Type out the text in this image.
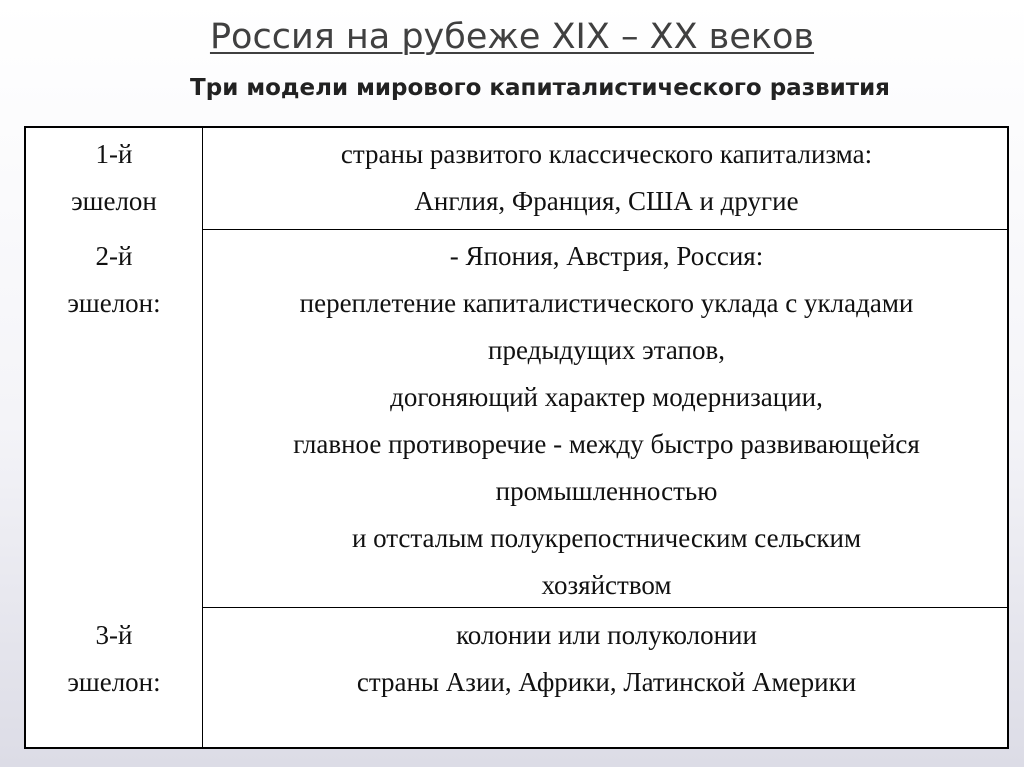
Россия на рубеже XIX – XX веков
Три модели мирового капиталистического развития
1-й
эшелон
страны развитого классического капитализма:
Англия, Франция, США и другие
2-й
эшелон:
- Япония, Австрия, Россия:
переплетение капиталистического уклада с укладами
предыдущих этапов,
догоняющий характер модернизации,
главное противоречие - между быстро развивающейся
промышленностью
и отсталым полукрепостническим сельским
хозяйством
3-й
эшелон:
колонии или полуколонии
страны Азии, Африки, Латинской Америки
